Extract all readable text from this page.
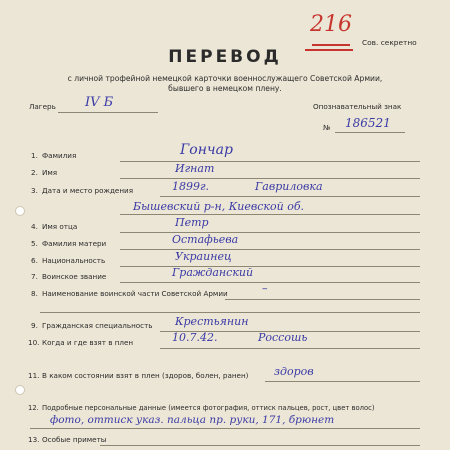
216
Сов. секретно
ПЕРЕВОД
с личной трофейной немецкой карточки военнослужащего Советской Армии,
бывшего в немецком плену.
Лагерь IV Б	Опознавательный знак
№ 186521
1. Фамилия	Гончар
2. Имя	Игнат
3. Дата и место рождения	1899г.	Гавриловка
Бышевский р-н, Киевской об.
4. Имя отца	Петр
5. Фамилия матери	Остафьева
6. Национальность	Украинец
7. Воинское звание	Гражданский
8. Наименование воинской части Советской Армии	–
9. Гражданская специальность Крестьянин
10. Когда и где взят в плен	10.7.42.	Россошь
11. В каком состоянии взят в плен (здоров, болен, ранен) здоров
12. Подробные персональные данные (имеется фотография, оттиск пальцев, рост, цвет волос)
фото, оттиск указ. пальца пр. руки, 171, брюнет
13. Особые приметы
